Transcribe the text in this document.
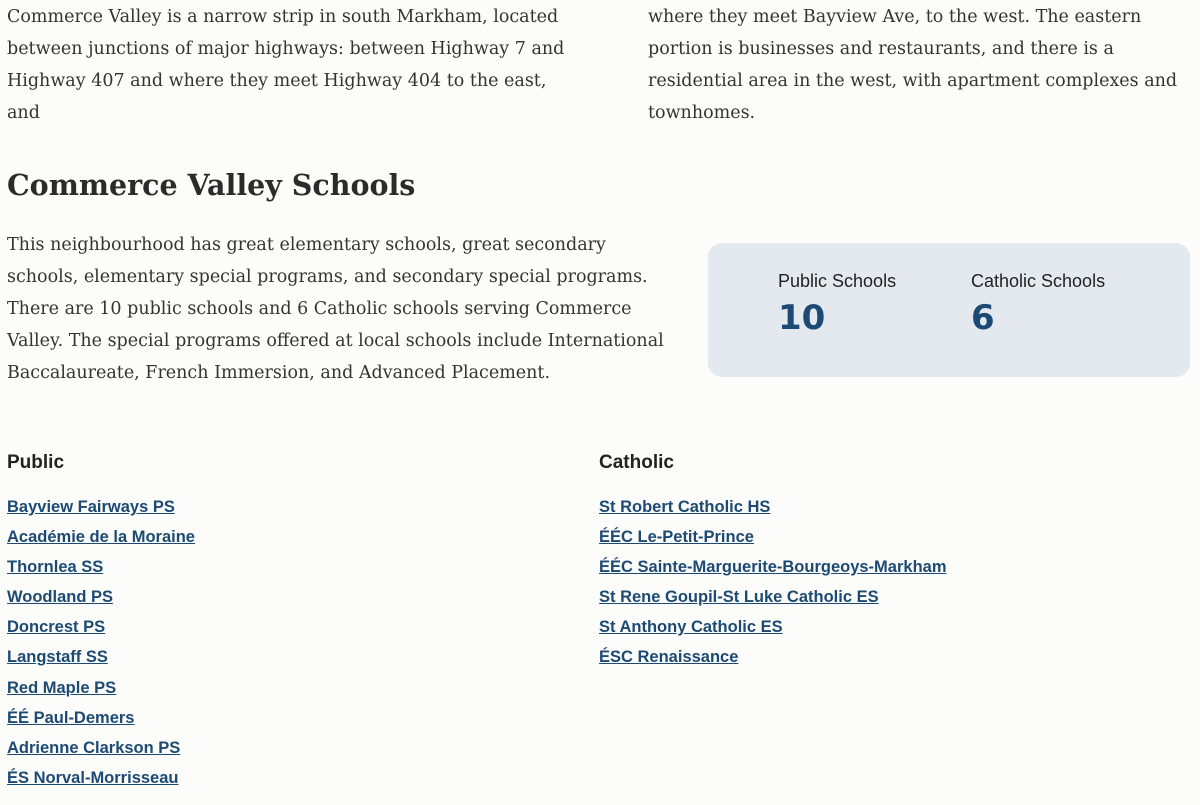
Commerce Valley is a narrow strip in south Markham, located between junctions of major highways: between Highway 7 and Highway 407 and where they meet Highway 404 to the east, and

where they meet Bayview Ave, to the west. The eastern portion is businesses and restaurants, and there is a residential area in the west, with apartment complexes and townhomes.

Commerce Valley Schools

This neighbourhood has great elementary schools, great secondary schools, elementary special programs, and secondary special programs. There are 10 public schools and 6 Catholic schools serving Commerce Valley. The special programs offered at local schools include International Baccalaureate, French Immersion, and Advanced Placement.

Public Schools
10
Catholic Schools
6
Public
Bayview Fairways PS
Académie de la Moraine
Thornlea SS
Woodland PS
Doncrest PS
Langstaff SS
Red Maple PS
ÉÉ Paul-Demers
Adrienne Clarkson PS
ÉS Norval-Morrisseau
Catholic
St Robert Catholic HS
ÉÉC Le-Petit-Prince
ÉÉC Sainte-Marguerite-Bourgeoys-Markham
St Rene Goupil-St Luke Catholic ES
St Anthony Catholic ES
ÉSC Renaissance
